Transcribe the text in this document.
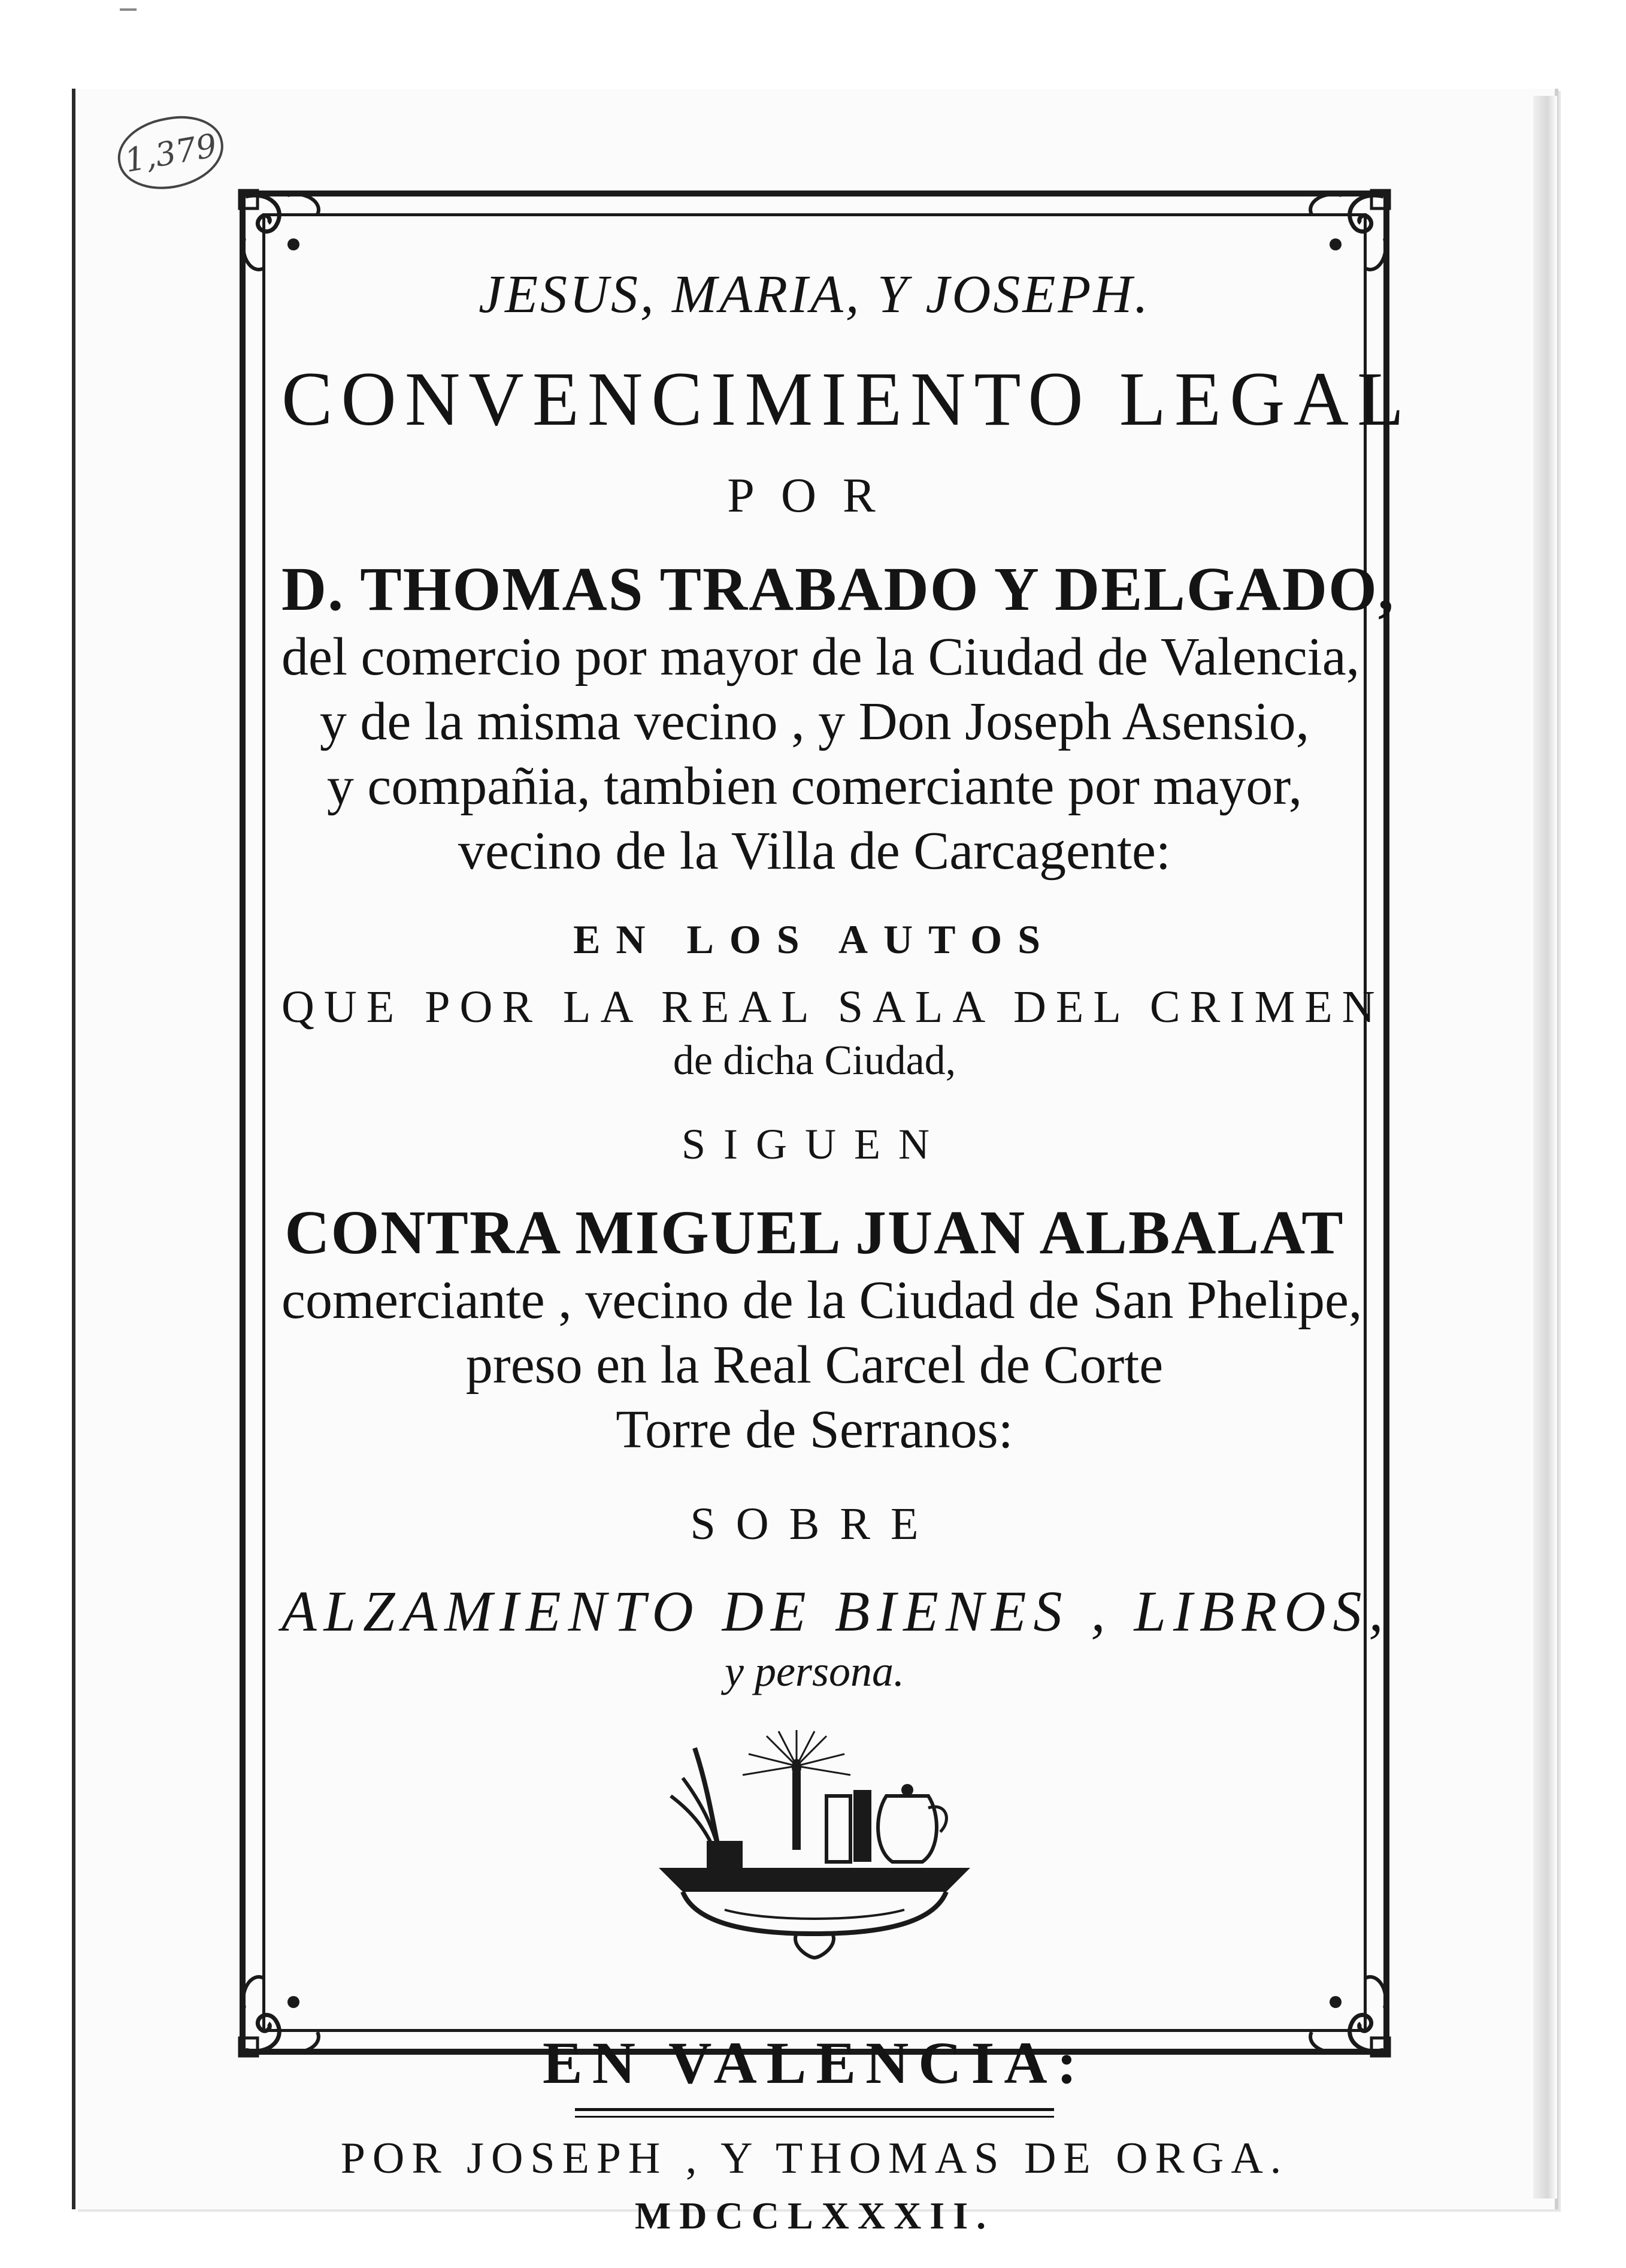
1,379
JESUS, MARIA, Y JOSEPH.
CONVENCIMIENTO LEGAL
POR
D. THOMAS TRABADO Y DELGADO,
del comercio por mayor de la Ciudad de Valencia,
y de la misma vecino , y Don Joseph Asensio,
y compañia, tambien comerciante por mayor,
vecino de la Villa de Carcagente:
EN LOS AUTOS
QUE POR LA REAL SALA DEL CRIMEN
de dicha Ciudad,
SIGUEN
CONTRA MIGUEL JUAN ALBALAT
comerciante , vecino de la Ciudad de San Phelipe,
preso en la Real Carcel de Corte
Torre de Serranos:
SOBRE
ALZAMIENTO DE BIENES , LIBROS,
y persona.
EN VALENCIA:
POR JOSEPH , Y THOMAS DE ORGA.
MDCCLXXXII.
